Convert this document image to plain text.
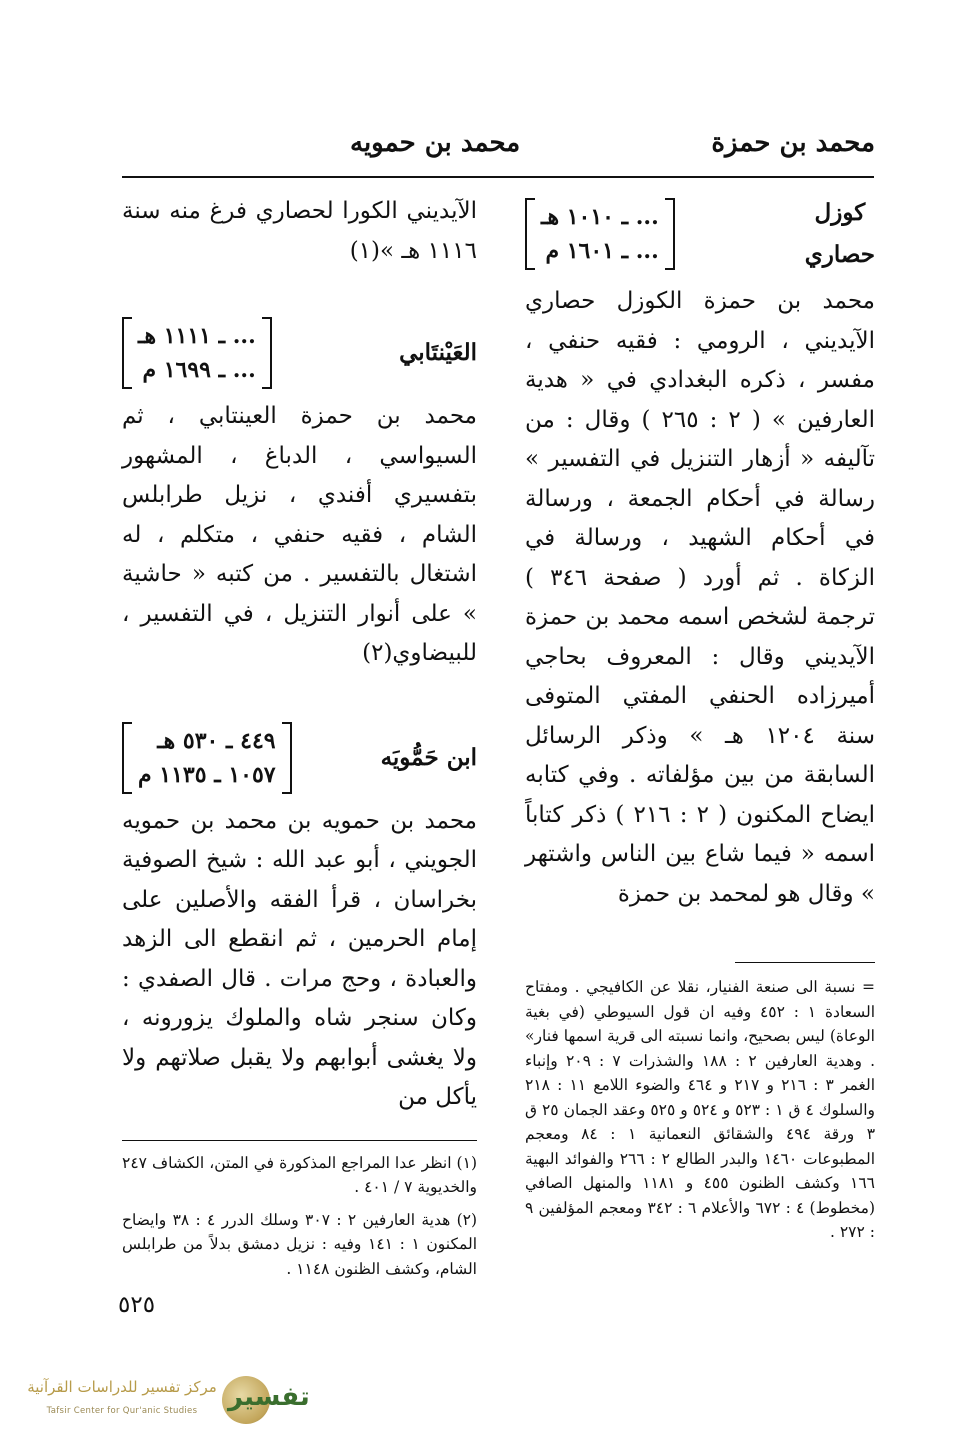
محمد بن حمزة
محمد بن حمويه
كوزل
حصاري
... ـ ١٠١٠ هـ
... ـ ١٦٠١ م

محمد بن حمزة الكوزل حصاري الآيديني ، الرومي : فقيه حنفي ، مفسر ، ذكره البغدادي في « هدية العارفين » ( ٢ : ٢٦٥ ) وقال : من تآليفه « أزهار التنزيل في التفسير » رسالة في أحكام الجمعة ، ورسالة في أحكام الشهيد ، ورسالة في الزكاة . ثم أورد ( صفحة ٣٤٦ ) ترجمة لشخص اسمه محمد بن حمزة الآيديني وقال : المعروف بحاجي أميرزاده الحنفي المفتي المتوفى سنة ١٢٠٤ هـ » وذكر الرسائل السابقة من بين مؤلفاته . وفي كتابه ايضاح المكنون ( ٢ : ٢١٦ ) ذكر كتاباً اسمه « فيما شاع بين الناس واشتهر » وقال هو لمحمد بن حمزة

= نسبة الى صنعة الفنيار، نقلا عن الكافيجي . ومفتاح السعادة ١ : ٤٥٢ وفيه ان قول السيوطي (في بغية الوعاة) ليس بصحيح، وانما نسبته الى قرية اسمها فنار» . وهدية العارفين ٢ : ١٨٨ والشذرات ٧ : ٢٠٩ وإنباء الغمر ٣ : ٢١٦ و ٢١٧ و ٤٦٤ والضوء اللامع ١١ : ٢١٨ والسلوك ٤ ق ١ : ٥٢٣ و ٥٢٤ و ٥٢٥ وعقد الجمان ٢٥ ق ٣ ورقة ٤٩٤ والشقائق النعمانية ١ : ٨٤ ومعجم المطبوعات ١٤٦٠ والبدر الطالع ٢ : ٢٦٦ والفوائد البهية ١٦٦ وكشف الظنون ٤٥٥ و ١١٨١ والمنهل الصافي (مخطوط) ٤ : ٦٧٢ والأعلام ٦ : ٣٤٢ ومعجم المؤلفين ٩ : ٢٧٢ .

الآيديني الكورا لحصاري فرغ منه سنة ١١١٦ هـ »(١)

العَيْنتَابي
... ـ ١١١١ هـ
... ـ ١٦٩٩ م

محمد بن حمزة العينتابي ، ثم السيواسي ، الدباغ ، المشهور بتفسيري أفندي ، نزيل طرابلس الشام ، فقيه حنفي ، متكلم ، له اشتغال بالتفسير . من كتبه « حاشية » على أنوار التنزيل ، في التفسير ، للبيضاوي(٢)

ابن حَمُّويَه
٤٤٩ ـ ٥٣٠ هـ
١٠٥٧ ـ ١١٣٥ م

محمد بن حمويه بن محمد بن حمويه الجويني ، أبو عبد الله : شيخ الصوفية بخراسان ، قرأ الفقه والأصلين على إمام الحرمين ، ثم انقطع الى الزهد والعبادة ، وحج مرات . قال الصفدي : وكان سنجر شاه والملوك يزورونه ، ولا يغشى أبوابهم ولا يقبل صلاتهم ولا يأكل من

(١) انظر عدا المراجع المذكورة في المتن، الكشاف ٢٤٧ والخديوية ٧ / ٤٠١ .

(٢) هدية العارفين ٢ : ٣٠٧ وسلك الدرر ٤ : ٣٨ وايضاح المكنون ١ : ١٤١ وفيه : نزيل دمشق بدلاً من طرابلس الشام، وكشف الظنون ١١٤٨ .

٥٢٥
تفسير
مركز تفسير للدراسات القرآنية
Tafsir Center for Qur'anic Studies
